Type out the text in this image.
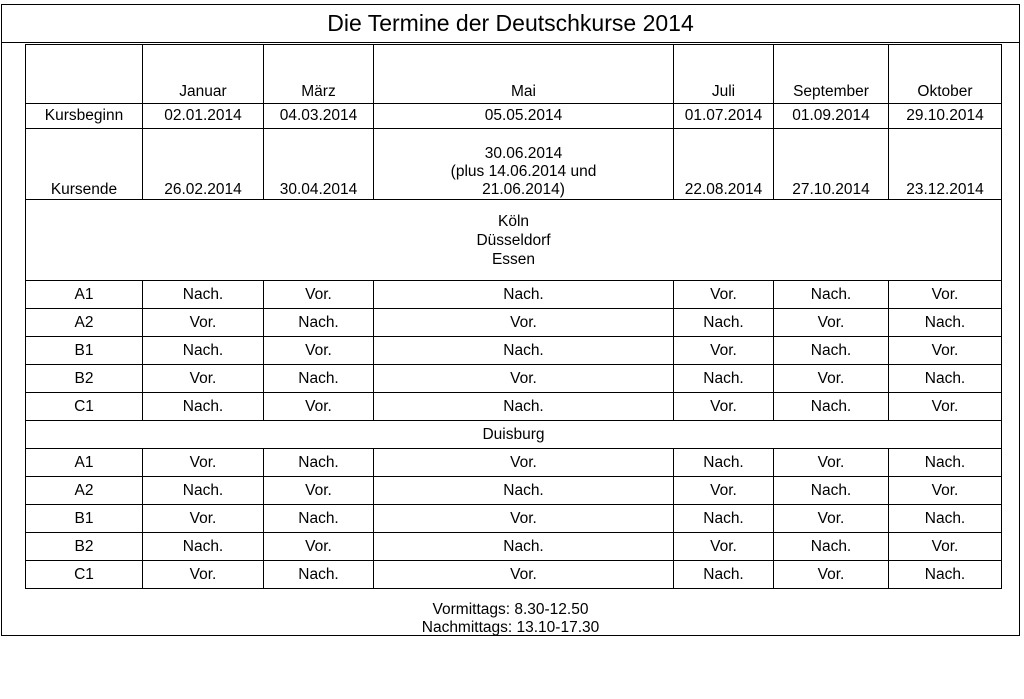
Die Termine der Deutschkurse 2014
	Januar	März	Mai	Juli	September	Oktober
Kursbeginn	02.01.2014	04.03.2014	05.05.2014	01.07.2014	01.09.2014	29.10.2014
Kursende	26.02.2014	30.04.2014	30.06.2014
(plus 14.06.2014 und
21.06.2014)	22.08.2014	27.10.2014	23.12.2014
Köln
Düsseldorf
Essen						
A1	Nach.	Vor.	Nach.	Vor.	Nach.	Vor.
A2	Vor.	Nach.	Vor.	Nach.	Vor.	Nach.
B1	Nach.	Vor.	Nach.	Vor.	Nach.	Vor.
B2	Vor.	Nach.	Vor.	Nach.	Vor.	Nach.
C1	Nach.	Vor.	Nach.	Vor.	Nach.	Vor.
Duisburg						
A1	Vor.	Nach.	Vor.	Nach.	Vor.	Nach.
A2	Nach.	Vor.	Nach.	Vor.	Nach.	Vor.
B1	Vor.	Nach.	Vor.	Nach.	Vor.	Nach.
B2	Nach.	Vor.	Nach.	Vor.	Nach.	Vor.
C1	Vor.	Nach.	Vor.	Nach.	Vor.	Nach.
Vormittags: 8.30-12.50
Nachmittags: 13.10-17.30
